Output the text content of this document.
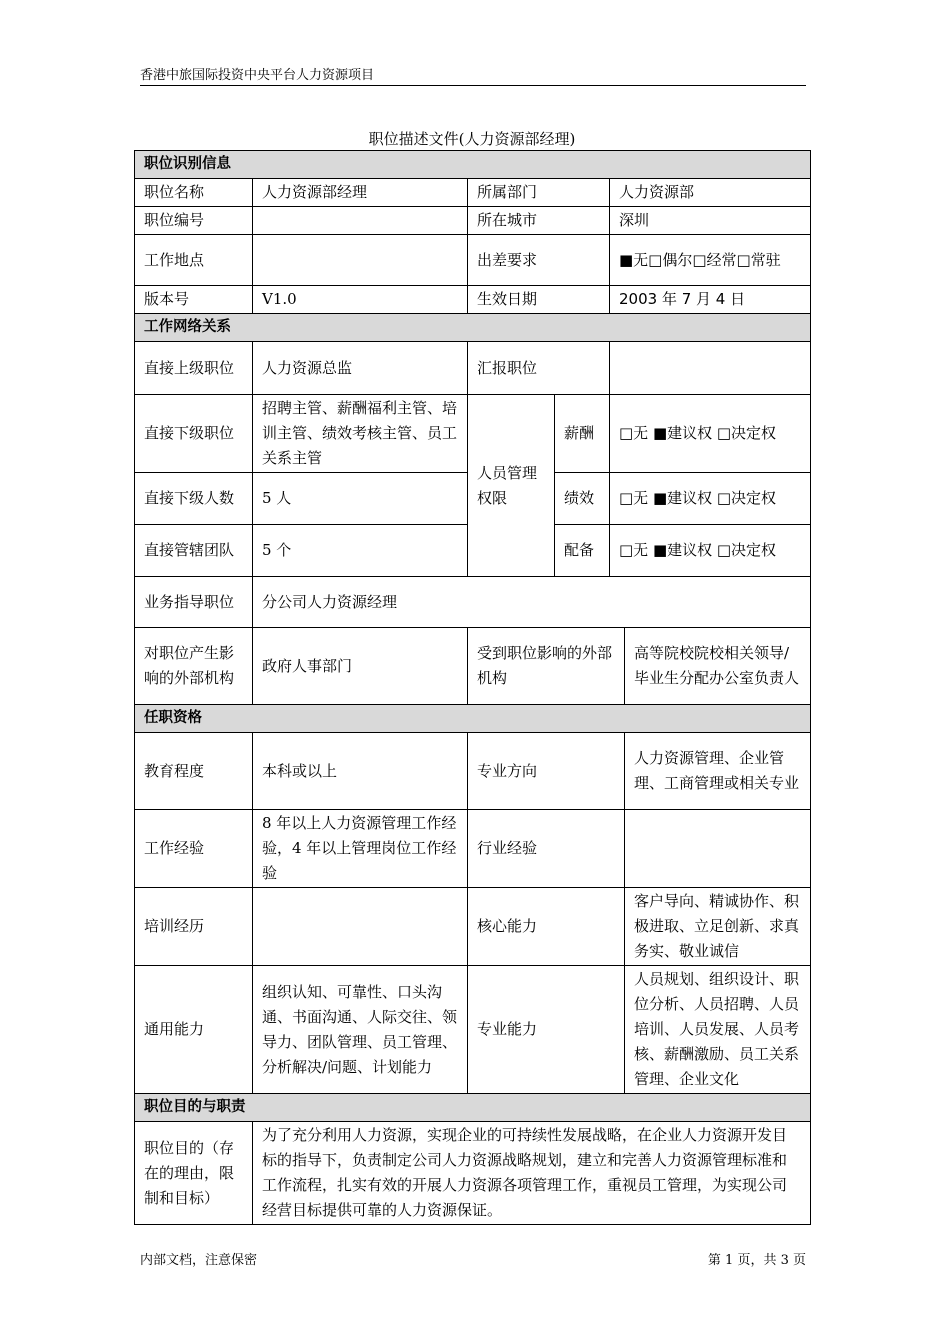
香港中旅国际投资中央平台人力资源项目
职位描述文件(人力资源部经理)
职位识别信息					
职位名称	人力资源部经理	所属部门		人力资源部	
职位编号		所在城市		深圳	
工作地点		出差要求		■无□偶尔□经常□常驻	
版本号	V1.0	生效日期		2003 年 7 月 4 日	
工作网络关系					
直接上级职位	人力资源总监	汇报职位			
直接下级职位	招聘主管、薪酬福利主管、培训主管、绩效考核主管、员工关系主管	人员管理权限	薪酬	□无 ■建议权 □决定权	
直接下级人数	5 人		绩效	□无 ■建议权 □决定权	
直接管辖团队	5 个		配备	□无 ■建议权 □决定权	
业务指导职位	分公司人力资源经理				
对职位产生影响的外部机构	政府人事部门	受到职位影响的外部机构			高等院校院校相关领导/毕业生分配办公室负责人
任职资格					
教育程度	本科或以上	专业方向			人力资源管理、企业管理、工商管理或相关专业
工作经验	8 年以上人力资源管理工作经验，4 年以上管理岗位工作经验	行业经验			
培训经历		核心能力			客户导向、精诚协作、积极进取、立足创新、求真务实、敬业诚信
通用能力	组织认知、可靠性、口头沟通、书面沟通、人际交往、领导力、团队管理、员工管理、分析解决/问题、计划能力	专业能力			人员规划、组织设计、职位分析、人员招聘、人员培训、人员发展、人员考核、薪酬激励、员工关系管理、企业文化
职位目的与职责					
职位目的（存在的理由，限制和目标）	为了充分利用人力资源，实现企业的可持续性发展战略，在企业人力资源开发目标的指导下，负责制定公司人力资源战略规划，建立和完善人力资源管理标准和工作流程，扎实有效的开展人力资源各项管理工作，重视员工管理，为实现公司经营目标提供可靠的人力资源保证。				
内部文档，注意保密	第 1 页，共 3 页
